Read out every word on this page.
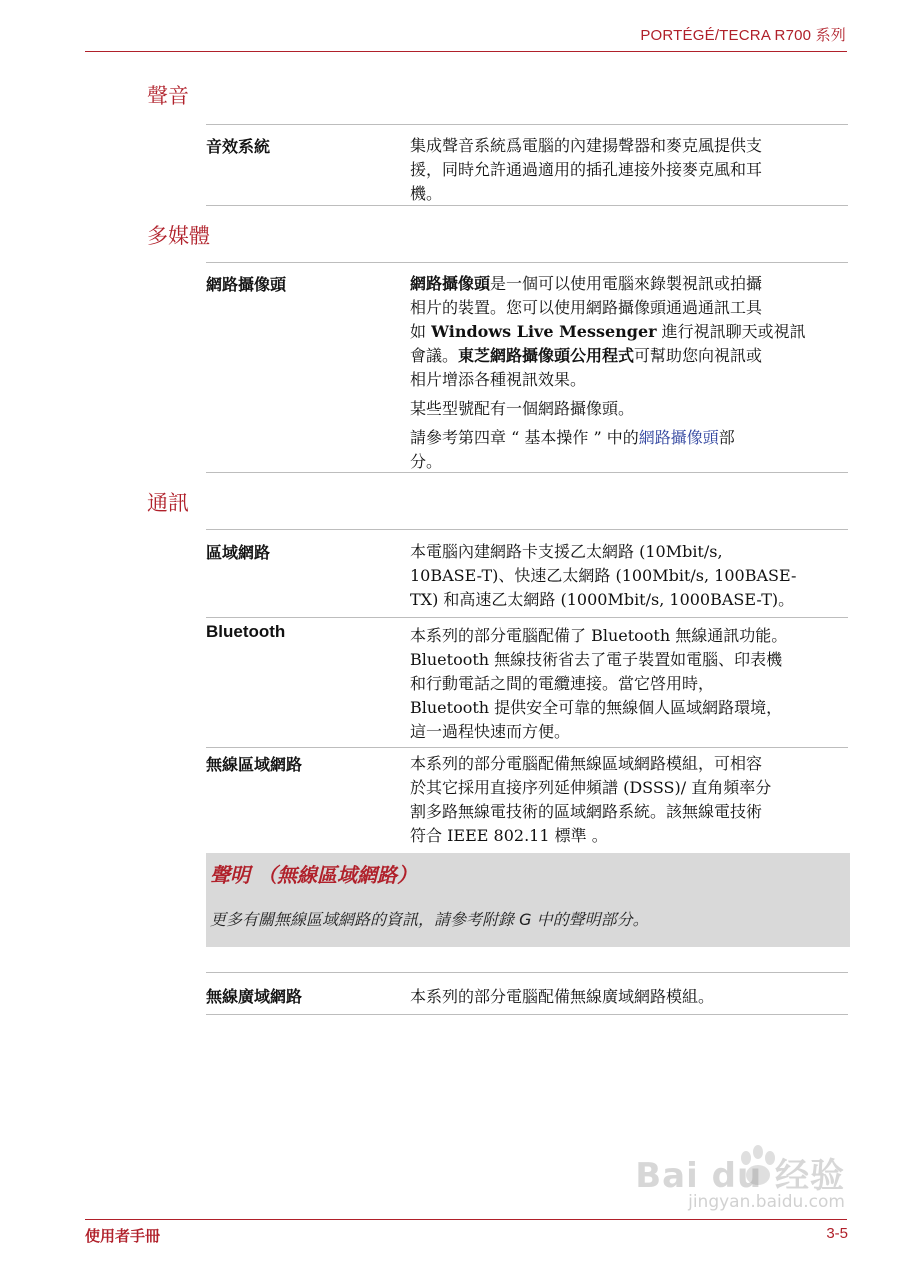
PORTÉGÉ/TECRA R700 系列
聲音
音效系統	集成聲音系統爲電腦的內建揚聲器和麥克風提供支
援，同時允許通過適用的插孔連接外接麥克風和耳
機。

多媒體
網路攝像頭	網路攝像頭是一個可以使用電腦來錄製視訊或拍攝
相片的裝置。您可以使用網路攝像頭通過通訊工具
如 Windows Live Messenger 進行視訊聊天或視訊
會議。東芝網路攝像頭公用程式可幫助您向視訊或
相片增添各種視訊效果。

某些型號配有一個網路攝像頭。

請參考第四章 “ 基本操作 ” 中的網路攝像頭部
分。

通訊
區域網路	本電腦內建網路卡支援乙太網路 (10Mbit/s,
10BASE-T)、快速乙太網路 (100Mbit/s, 100BASE-
TX) 和高速乙太網路 (1000Mbit/s, 1000BASE-T)。

Bluetooth	本系列的部分電腦配備了 Bluetooth 無線通訊功能。
Bluetooth 無線技術省去了電子裝置如電腦、印表機
和行動電話之間的電纜連接。當它啓用時，
Bluetooth 提供安全可靠的無線個人區域網路環境，
這一過程快速而方便。

無線區域網路	本系列的部分電腦配備無線區域網路模組，可相容
於其它採用直接序列延伸頻譜 (DSSS)/ 直角頻率分
割多路無線電技術的區域網路系統。該無線電技術
符合 IEEE 802.11 標準 。

聲明 （無線區域網路）
更多有關無線區域網路的資訊，請參考附錄 G 中的聲明部分。
無線廣域網路	本系列的部分電腦配備無線廣域網路模組。

Bai du 经验
jingyan.baidu.com
使用者手冊	3-5
